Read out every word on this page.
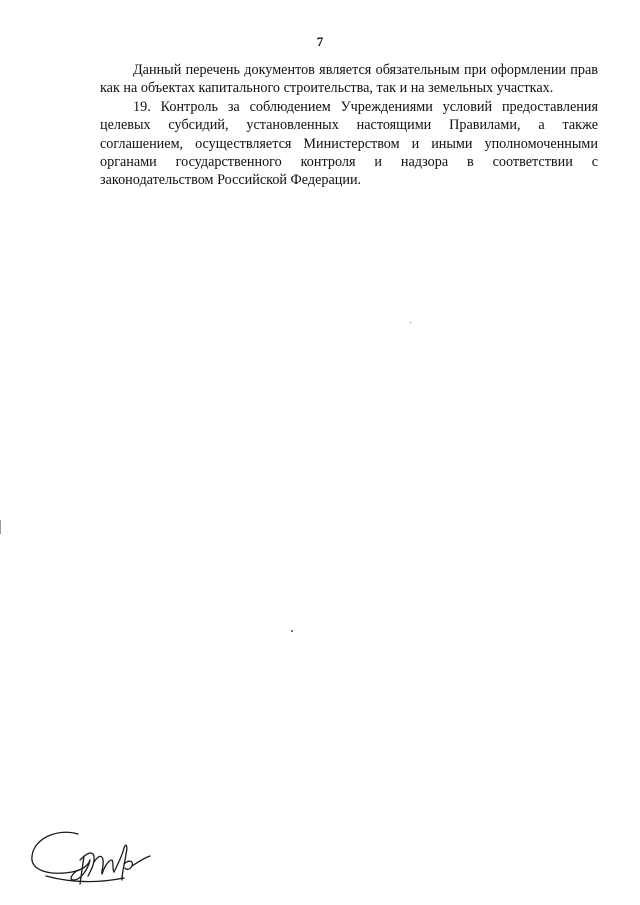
7

Данный перечень документов является обязательным при оформлении прав как на объектах капитального строительства, так и на земельных участках.

19. Контроль за соблюдением Учреждениями условий предоставления целевых субсидий, установленных настоящими Правилами, а также соглашением, осуществляется Министерством и иными уполномоченными органами государственного контроля и надзора в соответствии с законодательством Российской Федерации.
